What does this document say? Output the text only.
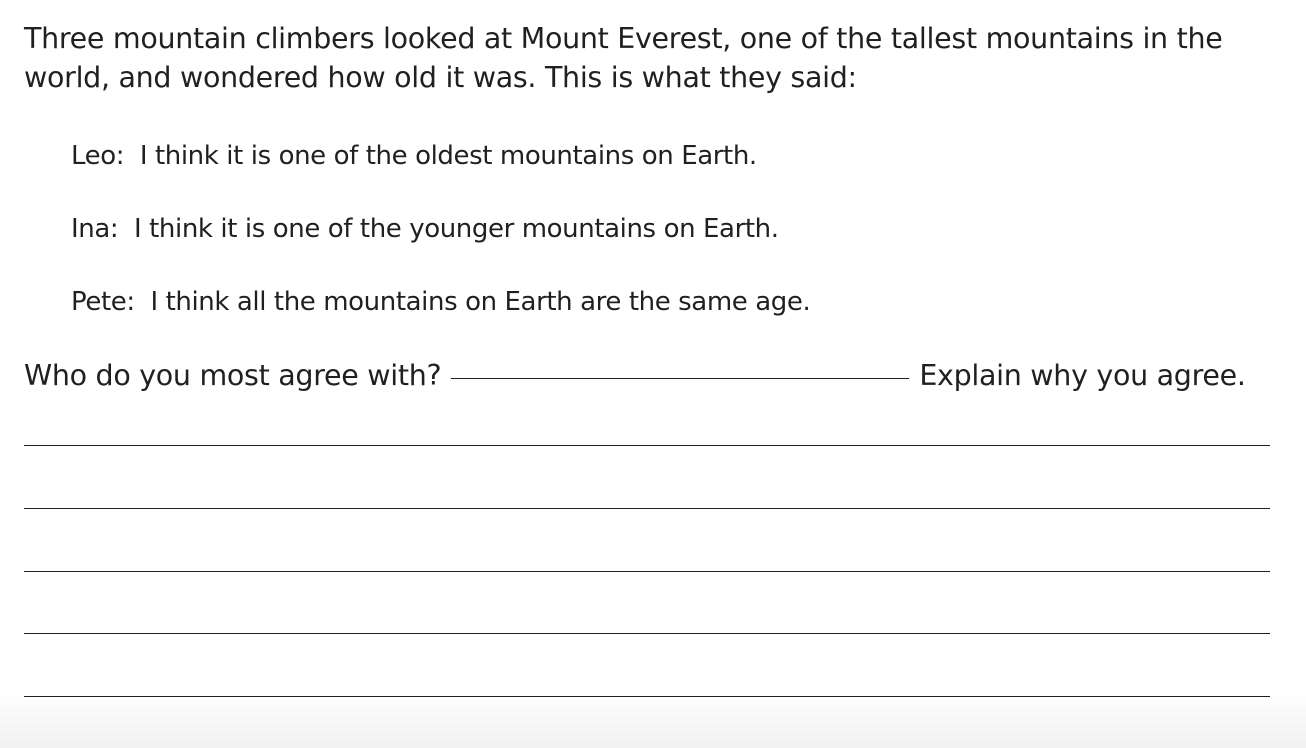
Three mountain climbers looked at Mount Everest, one of the tallest mountains in the world, and wondered how old it was. This is what they said:
Leo:  I think it is one of the oldest mountains on Earth.
Ina:  I think it is one of the younger mountains on Earth.
Pete:  I think all the mountains on Earth are the same age.
Who do you most agree with?	Explain why you agree.
